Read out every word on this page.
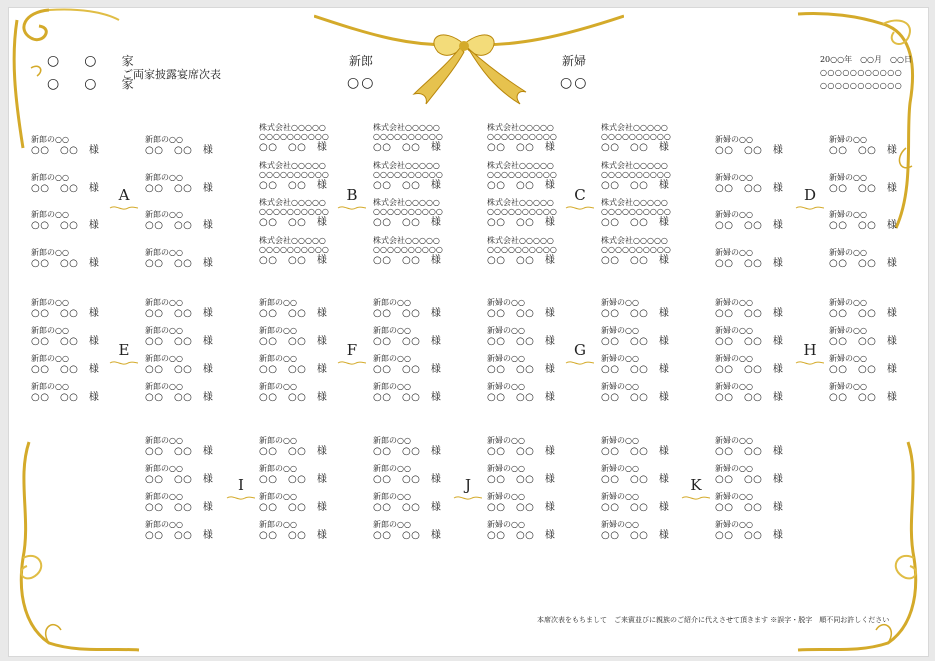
○ ○ 家
○ ○ 家
ご両家披露宴席次表
新郎
○○
新婦
○○
20○○年　○○月　○○日
○○○○○○○○○○○
○○○○○○○○○○○
新郎の○○
○○　○○　様
新郎の○○
○○　○○　様
新郎の○○
○○　○○　様
新郎の○○
○○　○○　様
新郎の○○
○○　○○　様
新郎の○○
○○　○○　様
新郎の○○
○○　○○　様
新郎の○○
○○　○○　様
株式会社○○○○○
○○○○○○○○○○
○○　○○　様
株式会社○○○○○
○○○○○○○○○○
○○　○○　様
株式会社○○○○○
○○○○○○○○○○
○○　○○　様
株式会社○○○○○
○○○○○○○○○○
○○　○○　様
株式会社○○○○○
○○○○○○○○○○
○○　○○　様
株式会社○○○○○
○○○○○○○○○○
○○　○○　様
株式会社○○○○○
○○○○○○○○○○
○○　○○　様
株式会社○○○○○
○○○○○○○○○○
○○　○○　様
株式会社○○○○○
○○○○○○○○○○
○○　○○　様
株式会社○○○○○
○○○○○○○○○○
○○　○○　様
株式会社○○○○○
○○○○○○○○○○
○○　○○　様
株式会社○○○○○
○○○○○○○○○○
○○　○○　様
株式会社○○○○○
○○○○○○○○○○
○○　○○　様
株式会社○○○○○
○○○○○○○○○○
○○　○○　様
株式会社○○○○○
○○○○○○○○○○
○○　○○　様
株式会社○○○○○
○○○○○○○○○○
○○　○○　様
新婦の○○
○○　○○　様
新婦の○○
○○　○○　様
新婦の○○
○○　○○　様
新婦の○○
○○　○○　様
新婦の○○
○○　○○　様
新婦の○○
○○　○○　様
新婦の○○
○○　○○　様
新婦の○○
○○　○○　様
A	B	C	D
新郎の○○
○○　○○　様
新郎の○○
○○　○○　様
新郎の○○
○○　○○　様
新郎の○○
○○　○○　様
新婦の○○
○○　○○　様
新婦の○○
○○　○○　様
新婦の○○
○○　○○　様
新婦の○○
○○　○○　様
新郎の○○
○○　○○　様
新郎の○○
○○　○○　様
新郎の○○
○○　○○　様
新郎の○○
○○　○○　様
新婦の○○
○○　○○　様
新婦の○○
○○　○○　様
新婦の○○
○○　○○　様
新婦の○○
○○　○○　様
新郎の○○
○○　○○　様
新郎の○○
○○　○○　様
新郎の○○
○○　○○　様
新郎の○○
○○　○○　様
新婦の○○
○○　○○　様
新婦の○○
○○　○○　様
新婦の○○
○○　○○　様
新婦の○○
○○　○○　様
新郎の○○
○○　○○　様
新郎の○○
○○　○○　様
新郎の○○
○○　○○　様
新郎の○○
○○　○○　様
新婦の○○
○○　○○　様
新婦の○○
○○　○○　様
新婦の○○
○○　○○　様
新婦の○○
○○　○○　様
E	F	G	H
新郎の○○
○○　○○　様
新郎の○○
○○　○○　様
新郎の○○
○○　○○　様
新婦の○○
○○　○○　様
新婦の○○
○○　○○　様
新婦の○○
○○　○○　様
新郎の○○
○○　○○　様
新郎の○○
○○　○○　様
新郎の○○
○○　○○　様
新婦の○○
○○　○○　様
新婦の○○
○○　○○　様
新婦の○○
○○　○○　様
新郎の○○
○○　○○　様
新郎の○○
○○　○○　様
新郎の○○
○○　○○　様
新婦の○○
○○　○○　様
新婦の○○
○○　○○　様
新婦の○○
○○　○○　様
新郎の○○
○○　○○　様
新郎の○○
○○　○○　様
新郎の○○
○○　○○　様
新婦の○○
○○　○○　様
新婦の○○
○○　○○　様
新婦の○○
○○　○○　様
I	J	K
本席次表をもちまして　ご来賓並びに親族のご紹介に代えさせて頂きます ※誤字・脱字　順不同お許しください
